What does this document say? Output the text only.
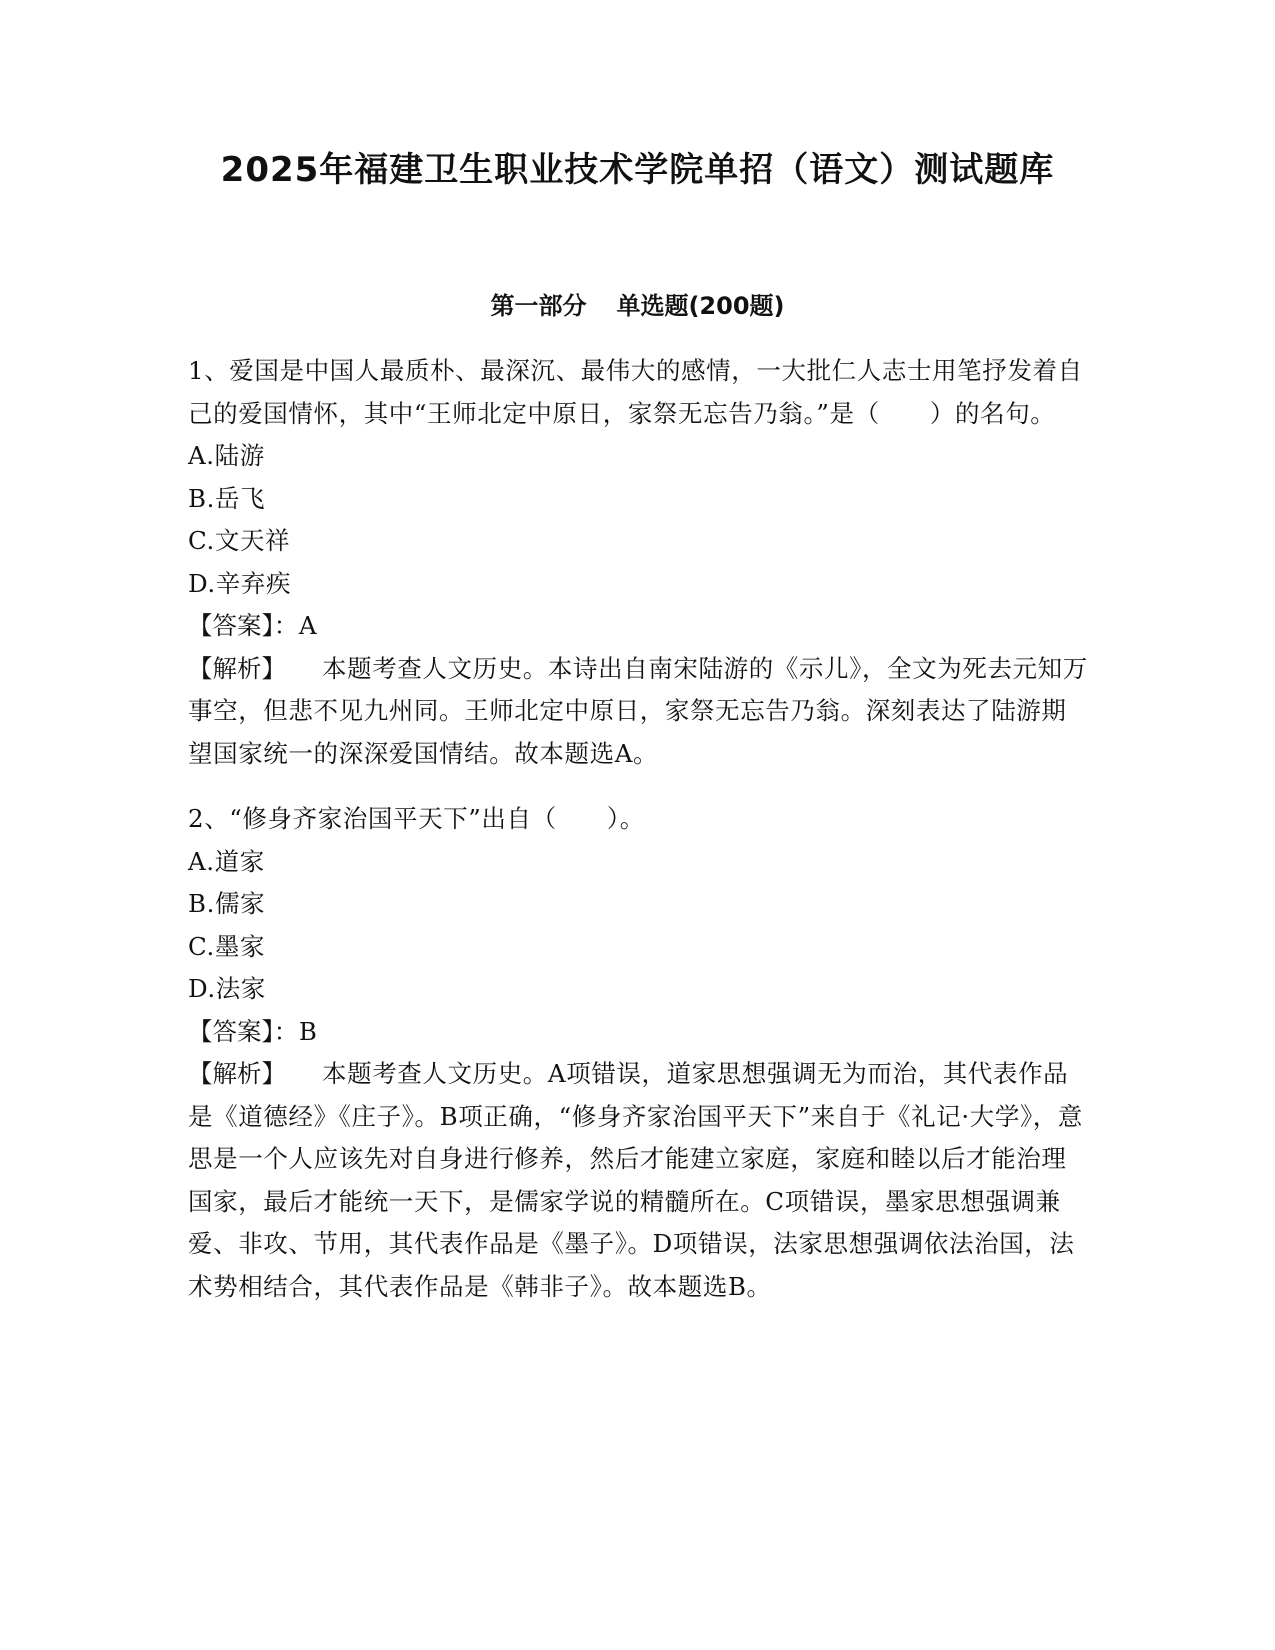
2025年福建卫生职业技术学院单招（语文）测试题库
第一部分 单选题(200题)

1、爱国是中国人最质朴、最深沉、最伟大的感情，一大批仁人志士用笔抒发着自己的爱国情怀，其中“王师北定中原日，家祭无忘告乃翁。”是（　　）的名句。

A.陆游

B.岳飞

C.文天祥

D.辛弃疾

【答案】：A

【解析】 本题考查人文历史。本诗出自南宋陆游的《示儿》，全文为死去元知万事空，但悲不见九州同。王师北定中原日，家祭无忘告乃翁。深刻表达了陆游期望国家统一的深深爱国情结。故本题选A。

2、“修身齐家治国平天下”出自（　　）。

A.道家

B.儒家

C.墨家

D.法家

【答案】：B

【解析】 本题考查人文历史。A项错误，道家思想强调无为而治，其代表作品是《道德经》《庄子》。B项正确，“修身齐家治国平天下”来自于《礼记·大学》，意思是一个人应该先对自身进行修养，然后才能建立家庭，家庭和睦以后才能治理国家，最后才能统一天下，是儒家学说的精髓所在。C项错误，墨家思想强调兼爱、非攻、节用，其代表作品是《墨子》。D项错误，法家思想强调依法治国，法术势相结合，其代表作品是《韩非子》。故本题选B。
